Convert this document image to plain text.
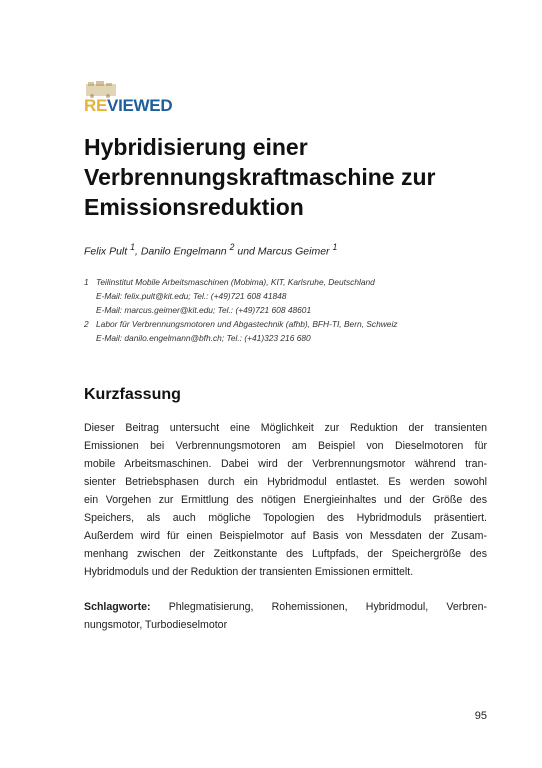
REVIEWED
Hybridisierung einer
Verbrennungskraftmaschine zur
Emissionsreduktion
Felix Pult $^1$, Danilo Engelmann $^2$ und Marcus Geimer $^1$
1 Teilinstitut Mobile Arbeitsmaschinen (Mobima), KIT, Karlsruhe, Deutschland
E-Mail: felix.pult@kit.edu; Tel.: (+49)721 608 41848
E-Mail: marcus.geimer@kit.edu; Tel.: (+49)721 608 48601
2 Labor für Verbrennungsmotoren und Abgastechnik (afhb), BFH-TI, Bern, Schweiz
E-Mail: danilo.engelmann@bfh.ch; Tel.: (+41)323 216 680
Kurzfassung
Dieser Beitrag untersucht eine Möglichkeit zur Reduktion der transienten
Emissionen bei Verbrennungsmotoren am Beispiel von Dieselmotoren für
mobile Arbeitsmaschinen. Dabei wird der Verbrennungsmotor während tran-
sienter Betriebsphasen durch ein Hybridmodul entlastet. Es werden sowohl
ein Vorgehen zur Ermittlung des nötigen Energieinhaltes und der Größe des
Speichers, als auch mögliche Topologien des Hybridmoduls präsentiert.
Außerdem wird für einen Beispielmotor auf Basis von Messdaten der Zusam-
menhang zwischen der Zeitkonstante des Luftpfads, der Speichergröße des
Hybridmoduls und der Reduktion der transienten Emissionen ermittelt.
Schlagworte: Phlegmatisierung, Rohemissionen, Hybridmodul, Verbren-
nungsmotor, Turbodieselmotor
95
